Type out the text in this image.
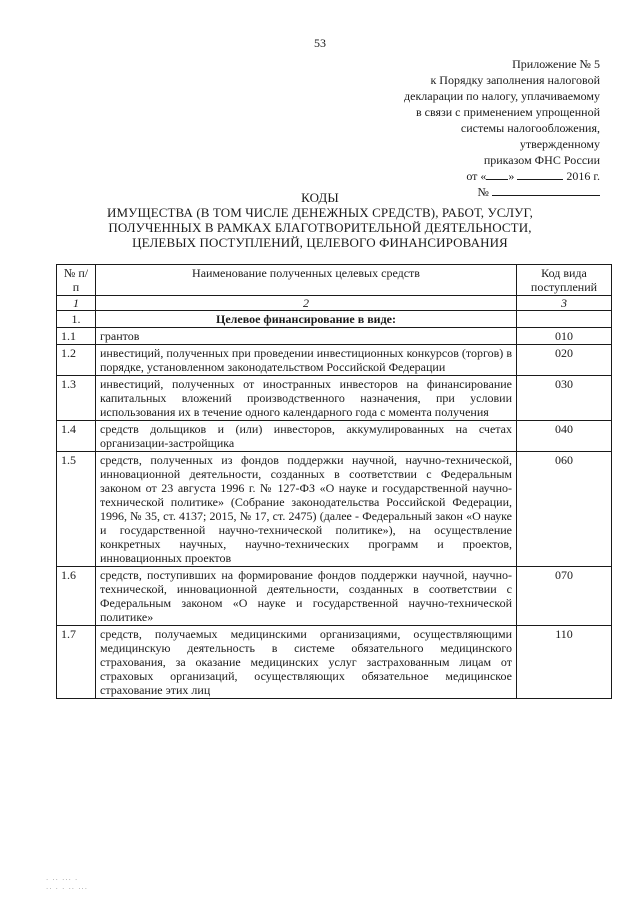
53
Приложение № 5
к Порядку заполнения налоговой
декларации по налогу, уплачиваемому
в связи с применением упрощенной
системы налогообложения,
утвержденному
приказом ФНС России
от « »	2016 г.
№
КОДЫ
ИМУЩЕСТВА (В ТОМ ЧИСЛЕ ДЕНЕЖНЫХ СРЕДСТВ), РАБОТ, УСЛУГ,
ПОЛУЧЕННЫХ В РАМКАХ БЛАГОТВОРИТЕЛЬНОЙ ДЕЯТЕЛЬНОСТИ,
ЦЕЛЕВЫХ ПОСТУПЛЕНИЙ, ЦЕЛЕВОГО ФИНАНСИРОВАНИЯ
№ п/п	Наименование полученных целевых средств	Код вида поступлений
1	2	3
1.	Целевое финансирование в виде:	
1.1	грантов	010
1.2	инвестиций, полученных при проведении инвестиционных конкурсов (торгов) в порядке, установленном законодательством Российской Федерации	020
1.3	инвестиций, полученных от иностранных инвесторов на финансирование капитальных вложений производственного назначения, при условии использования их в течение одного календарного года с момента получения	030
1.4	средств дольщиков и (или) инвесторов, аккумулированных на счетах организации-застройщика	040
1.5	средств, полученных из фондов поддержки научной, научно-технической, инновационной деятельности, созданных в соответствии с Федеральным законом от 23 августа 1996 г. № 127-ФЗ «О науке и государственной научно-технической политике» (Собрание законодательства Российской Федерации, 1996, № 35, ст. 4137; 2015, № 17, ст. 2475) (далее - Федеральный закон «О науке и государственной научно-технической политике»), на осуществление конкретных научных, научно-технических программ и проектов, инновационных проектов	060
1.6	средств, поступивших на формирование фондов поддержки научной, научно-технической, инновационной деятельности, созданных в соответствии с Федеральным законом «О науке и государственной научно-технической политике»	070
1.7	средств, получаемых медицинскими организациями, осуществляющими медицинскую деятельность в системе обязательного медицинского страхования, за оказание медицинских услуг застрахованным лицам от страховых организаций, осуществляющих обязательное медицинское страхование этих лиц	110
· ·· ··· ·
·· · · ·· ···
